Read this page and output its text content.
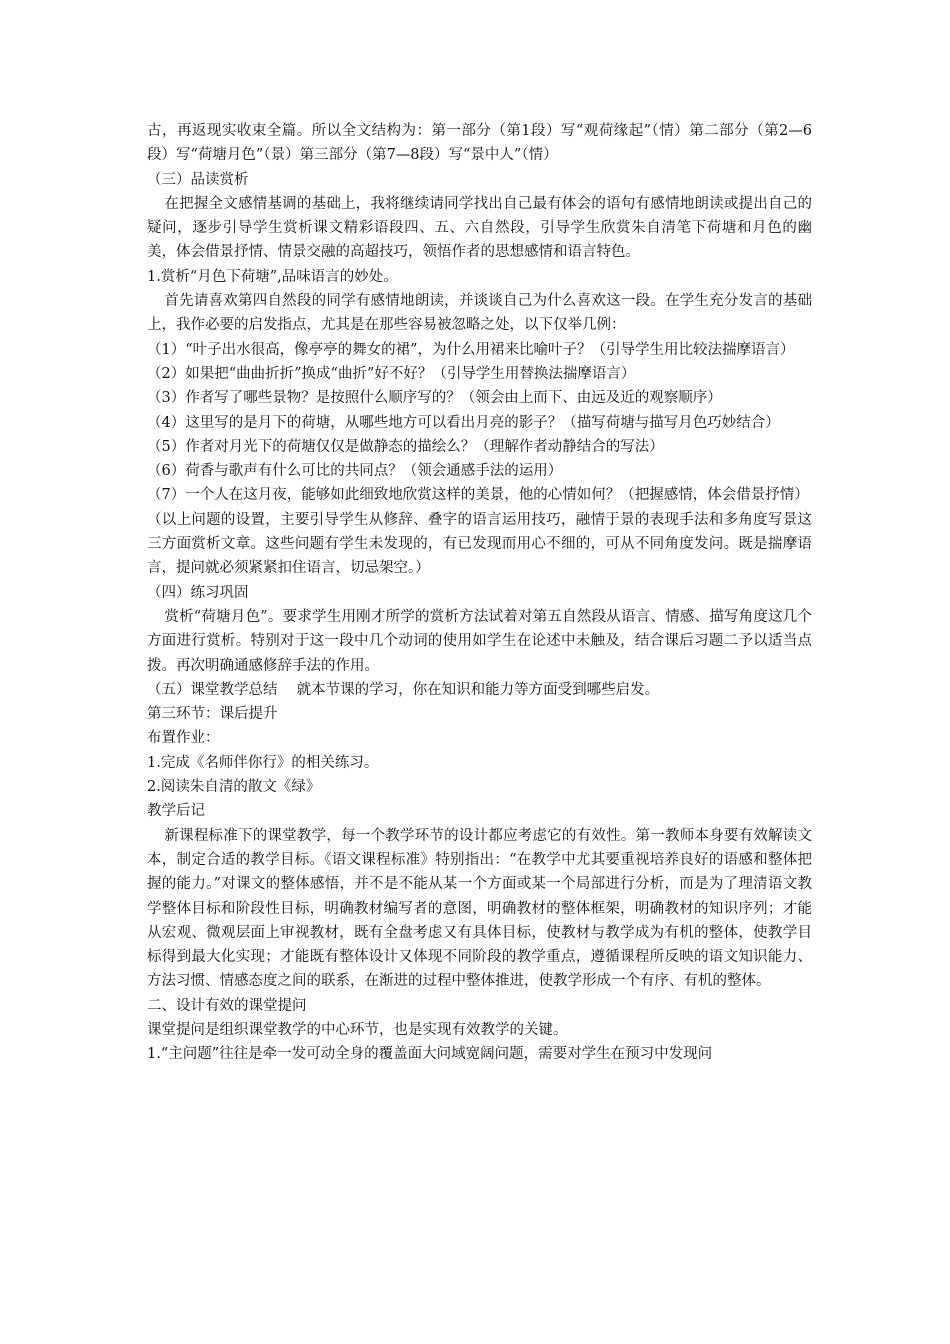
古，再返现实收束全篇。所以全文结构为：第一部分（第1段）写“观荷缘起”（情）第二部分（第2—6段）写“荷塘月色”（景）第三部分（第7—8段）写“景中人”（情）

（三）品读赏析

在把握全文感情基调的基础上，我将继续请同学找出自己最有体会的语句有感情地朗读或提出自己的疑问，逐步引导学生赏析课文精彩语段四、五、六自然段，引导学生欣赏朱自清笔下荷塘和月色的幽美，体会借景抒情、情景交融的高超技巧，领悟作者的思想感情和语言特色。

1.赏析“月色下荷塘”,品味语言的妙处。

首先请喜欢第四自然段的同学有感情地朗读，并谈谈自己为什么喜欢这一段。在学生充分发言的基础上，我作必要的启发指点，尤其是在那些容易被忽略之处，以下仅举几例：

（1）“叶子出水很高，像亭亭的舞女的裙”，为什么用裙来比喻叶子？（引导学生用比较法揣摩语言）

（2）如果把“曲曲折折”换成“曲折”好不好？（引导学生用替换法揣摩语言）

（3）作者写了哪些景物？是按照什么顺序写的？（领会由上而下、由远及近的观察顺序）

（4）这里写的是月下的荷塘，从哪些地方可以看出月亮的影子？（描写荷塘与描写月色巧妙结合）

（5）作者对月光下的荷塘仅仅是做静态的描绘么？（理解作者动静结合的写法）

（6）荷香与歌声有什么可比的共同点？（领会通感手法的运用）

（7）一个人在这月夜，能够如此细致地欣赏这样的美景，他的心情如何？（把握感情，体会借景抒情）

（以上问题的设置，主要引导学生从修辞、叠字的语言运用技巧，融情于景的表现手法和多角度写景这三方面赏析文章。这些问题有学生未发现的，有已发现而用心不细的，可从不同角度发问。既是揣摩语言，提问就必须紧紧扣住语言，切忌架空。）

（四）练习巩固

赏析“荷塘月色”。要求学生用刚才所学的赏析方法试着对第五自然段从语言、情感、描写角度这几个方面进行赏析。特别对于这一段中几个动词的使用如学生在论述中未触及，结合课后习题二予以适当点拨。再次明确通感修辞手法的作用。

（五）课堂教学总结　 就本节课的学习，你在知识和能力等方面受到哪些启发。

第三环节：课后提升

布置作业：

1.完成《名师伴你行》的相关练习。

2.阅读朱自清的散文《绿》

教学后记

新课程标准下的课堂教学，每一个教学环节的设计都应考虑它的有效性。第一教师本身要有效解读文本，制定合适的教学目标。《语文课程标准》特别指出：“在教学中尤其要重视培养良好的语感和整体把握的能力。”对课文的整体感悟，并不是不能从某一个方面或某一个局部进行分析，而是为了理清语文教学整体目标和阶段性目标，明确教材编写者的意图，明确教材的整体框架，明确教材的知识序列；才能从宏观、微观层面上审视教材，既有全盘考虑又有具体目标，使教材与教学成为有机的整体，使教学目标得到最大化实现；才能既有整体设计又体现不同阶段的教学重点，遵循课程所反映的语文知识能力、方法习惯、情感态度之间的联系，在渐进的过程中整体推进，使教学形成一个有序、有机的整体。

二、设计有效的课堂提问

课堂提问是组织课堂教学的中心环节，也是实现有效教学的关键。

1.“主问题”往往是牵一发可动全身的覆盖面大问域宽阔问题，需要对学生在预习中发现问
